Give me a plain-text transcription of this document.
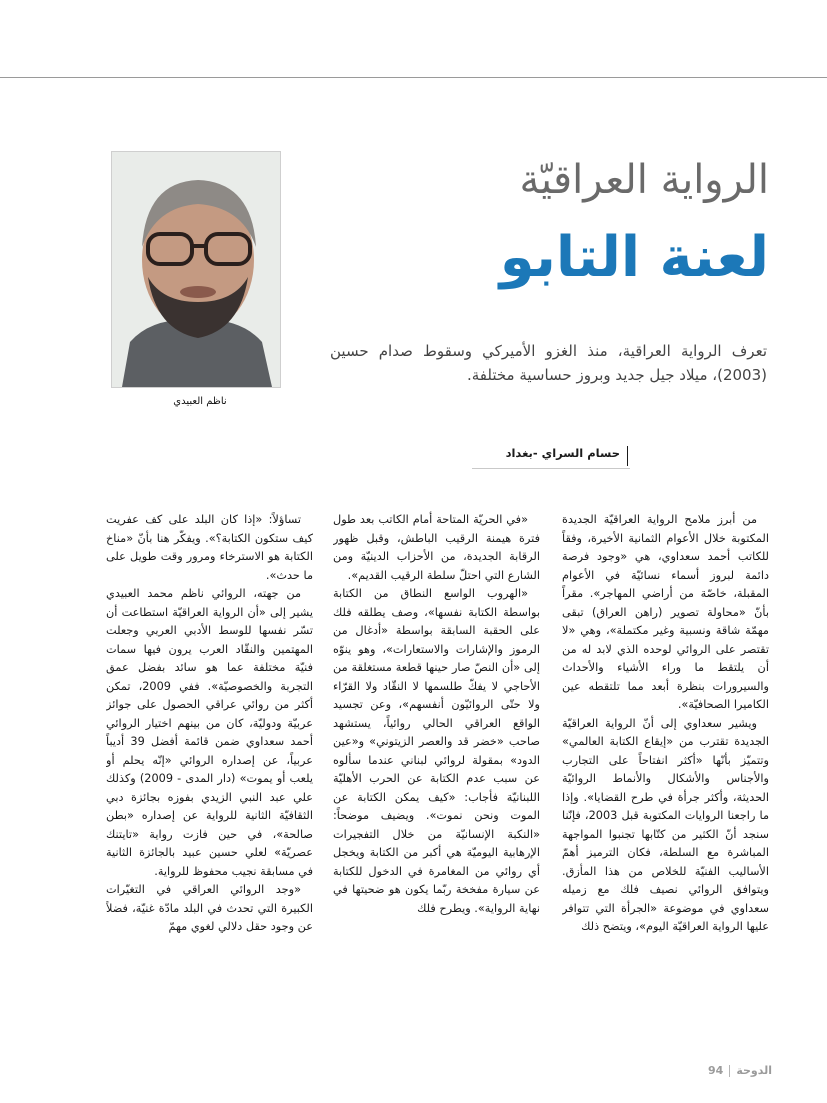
ناظم العبيدي
الرواية العراقيّة
لعنة التابو
تعرف الرواية العراقية، منذ الغزو الأميركي وسقوط صدام حسين (2003)، ميلاد جيل جديد وبروز حساسية مختلفة.
حسام السراي -بغداد

من أبرز ملامح الرواية العراقيّة الجديدة المكتوبة خلال الأعوام الثمانية الأخيرة، وفقاً للكاتب أحمد سعداوي، هي «وجود فرصة دائمة لبروز أسماء نسائيّة في الأعوام المقبلة، خاصّة من أراضي المهاجر». مقراً بأنّ «محاولة تصوير (راهن العراق) تبقى مهمّة شاقة ونسبية وغير مكتملة»، وهي «لا تقتصر على الروائي لوحده الذي لابد له من أن يلتقط ما وراء الأشياء والأحداث والسيرورات بنظرة أبعد مما تلتقطه عين الكاميرا الصحافيّة».

ويشير سعداوي إلى أنّ الرواية العراقيّة الجديدة تقترب من «إيقاع الكتابة العالمي» وتتميّز بأنّها «أكثر انفتاحاً على التجارب والأجناس والأشكال والأنماط الروائيّة الحديثة، وأكثر جرأة في طرح القضايا». وإذا ما راجعنا الروايات المكتوبة قبل 2003، فإنّنا سنجد أنّ الكثير من كتّابها تجنبوا المواجهة المباشرة مع السلطة، فكان الترميز أهمّ الأساليب الفنيّة للخلاص من هذا المأزق. ويتوافق الروائي نصيف فلك مع زميله سعداوي في موضوعة «الجرأة التي تتوافر عليها الرواية العراقيّة اليوم»، ويتضح ذلك

«في الحريّة المتاحة أمام الكاتب بعد طول فترة هيمنة الرقيب الباطش، وقبل ظهور الرقابة الجديدة، من الأحزاب الدينيّة ومن الشارع التي احتلّ سلطة الرقيب القديم».

«الهروب الواسع النطاق من الكتابة بواسطة الكتابة نفسها»، وصف يطلقه فلك على الحقبة السابقة بواسطة «أدغال من الرموز والإشارات والاستعارات»، وهو ينوّه إلى «أن النصّ صار حينها قطعة مستغلقة من الأحاجي لا يفكّ طلسمها لا النقّاد ولا القرّاء ولا حتّى الروائيّون أنفسهم»، وعن تجسيد الواقع العراقي الحالي روائياً، يستشهد صاحب «خضر قد والعصر الزيتوني» و«عين الدود» بمقولة لروائي لبناني عندما سألوه عن سبب عدم الكتابة عن الحرب الأهليّة اللبنانيّة فأجاب: «كيف يمكن الكتابة عن الموت ونحن نموت». ويضيف موضحاً: «النكبة الإنسانيّة من خلال التفجيرات الإرهابية اليوميّة هي أكبر من الكتابة ويخجل أي روائي من المغامرة في الدخول للكتابة عن سيارة مفخخة ربّما يكون هو ضحيتها في نهاية الرواية». ويطرح فلك

تساؤلاً: «إذا كان البلد على كف عفريت كيف ستكون الكتابة؟». ويفكّر هنا بأنّ «مناخ الكتابة هو الاسترخاء ومرور وقت طويل على ما حدث».

من جهته، الروائي ناظم محمد العبيدي يشير إلى «أن الرواية العراقيّة استطاعت أن تسّر نفسها للوسط الأدبي العربي وجعلت المهتمين والنقّاد العرب يرون فيها سمات فنيّة مختلفة عما هو سائد بفضل عمق التجربة والخصوصيّة». ففي 2009، تمكن أكثر من روائي عراقي الحصول على جوائز عربيّة ودوليّة، كان من بينهم اختيار الروائي أحمد سعداوي ضمن قائمة أفضل 39 أديباً عربياً، عن إصداره الروائي «إنّه يحلم أو يلعب أو يموت» (دار المدى - 2009) وكذلك علي عبد النبي الزيدي بفوزه بجائزة دبي الثقافيّة الثانية للرواية عن إصداره «بطن صالحة»، في حين فازت رواية «تايتنك عصريّة» لعلي حسين عبيد بالجائزة الثانية في مسابقة نجيب محفوظ للرواية.

«وجد الروائي العراقي في التغيّرات الكبيرة التي تحدث في البلد مادّة غنيّة، فضلاً عن وجود حقل دلالي لغوي مهمّ

الدوحة94
